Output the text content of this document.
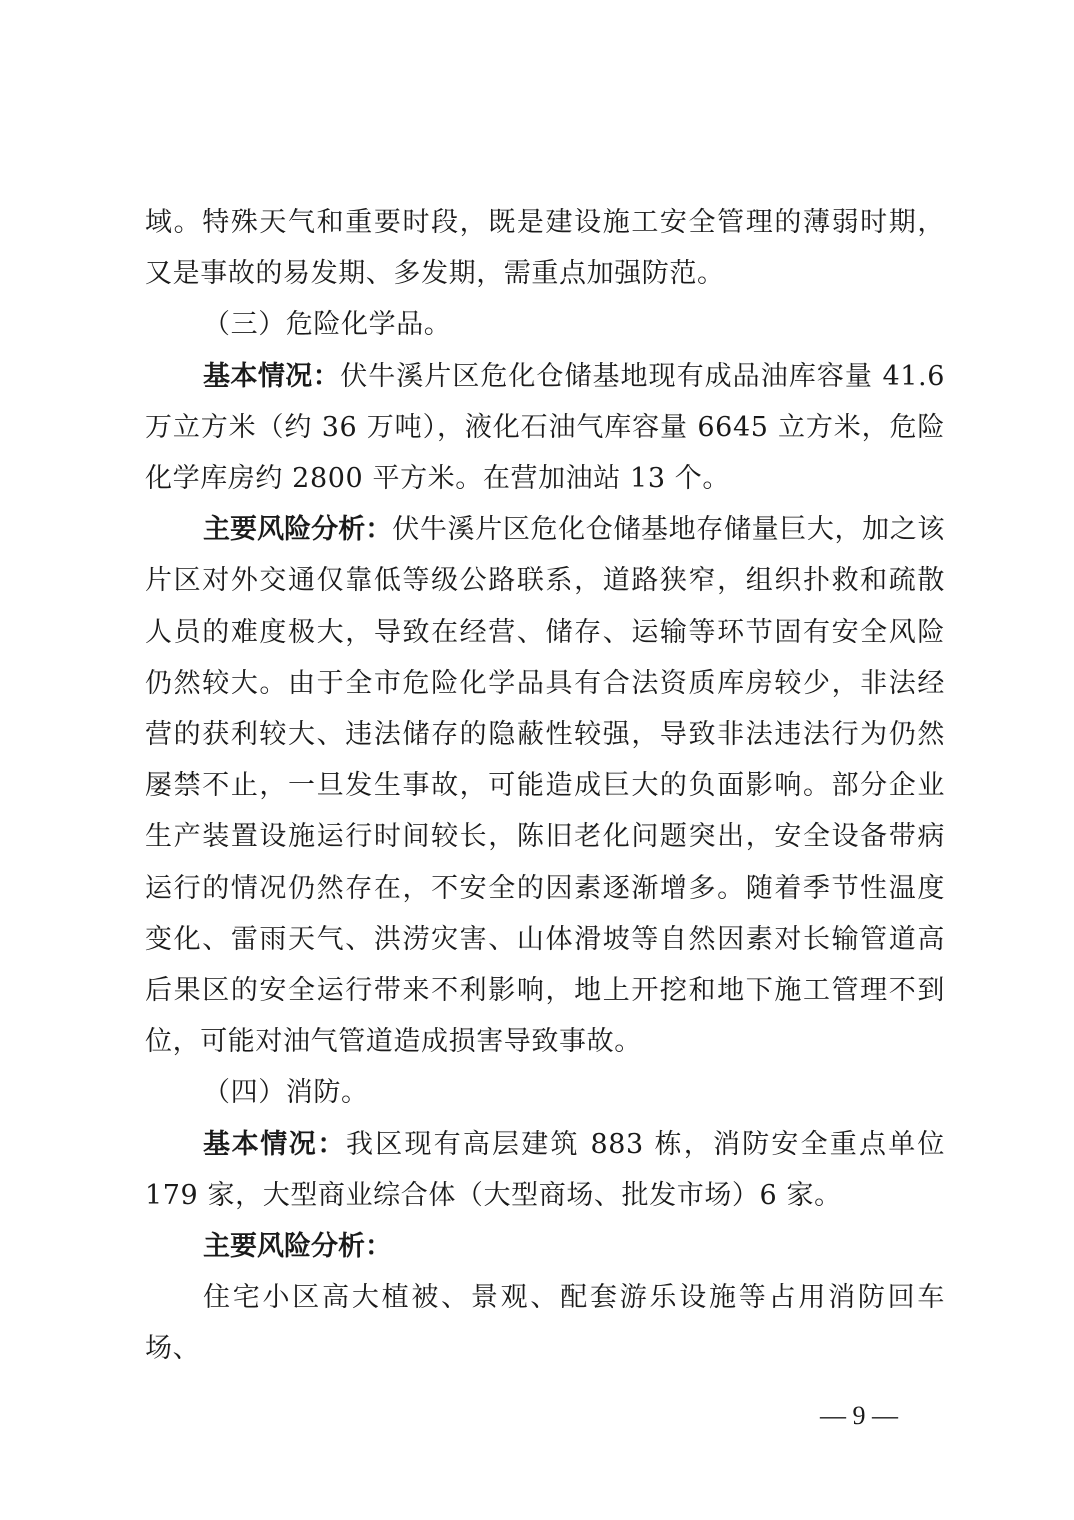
域。特殊天气和重要时段，既是建设施工安全管理的薄弱时期，又是事故的易发期、多发期，需重点加强防范。

（三）危险化学品。

基本情况：伏牛溪片区危化仓储基地现有成品油库容量 41.6 万立方米（约 36 万吨），液化石油气库容量 6645 立方米，危险化学库房约 2800 平方米。在营加油站 13 个。

主要风险分析：伏牛溪片区危化仓储基地存储量巨大，加之该片区对外交通仅靠低等级公路联系，道路狭窄，组织扑救和疏散人员的难度极大，导致在经营、储存、运输等环节固有安全风险仍然较大。由于全市危险化学品具有合法资质库房较少，非法经营的获利较大、违法储存的隐蔽性较强，导致非法违法行为仍然屡禁不止，一旦发生事故，可能造成巨大的负面影响。部分企业生产装置设施运行时间较长，陈旧老化问题突出，安全设备带病运行的情况仍然存在，不安全的因素逐渐增多。随着季节性温度变化、雷雨天气、洪涝灾害、山体滑坡等自然因素对长输管道高后果区的安全运行带来不利影响，地上开挖和地下施工管理不到位，可能对油气管道造成损害导致事故。

（四）消防。

基本情况：我区现有高层建筑 883 栋，消防安全重点单位 179 家，大型商业综合体（大型商场、批发市场）6 家。

主要风险分析：

住宅小区高大植被、景观、配套游乐设施等占用消防回车场、

— 9 —
